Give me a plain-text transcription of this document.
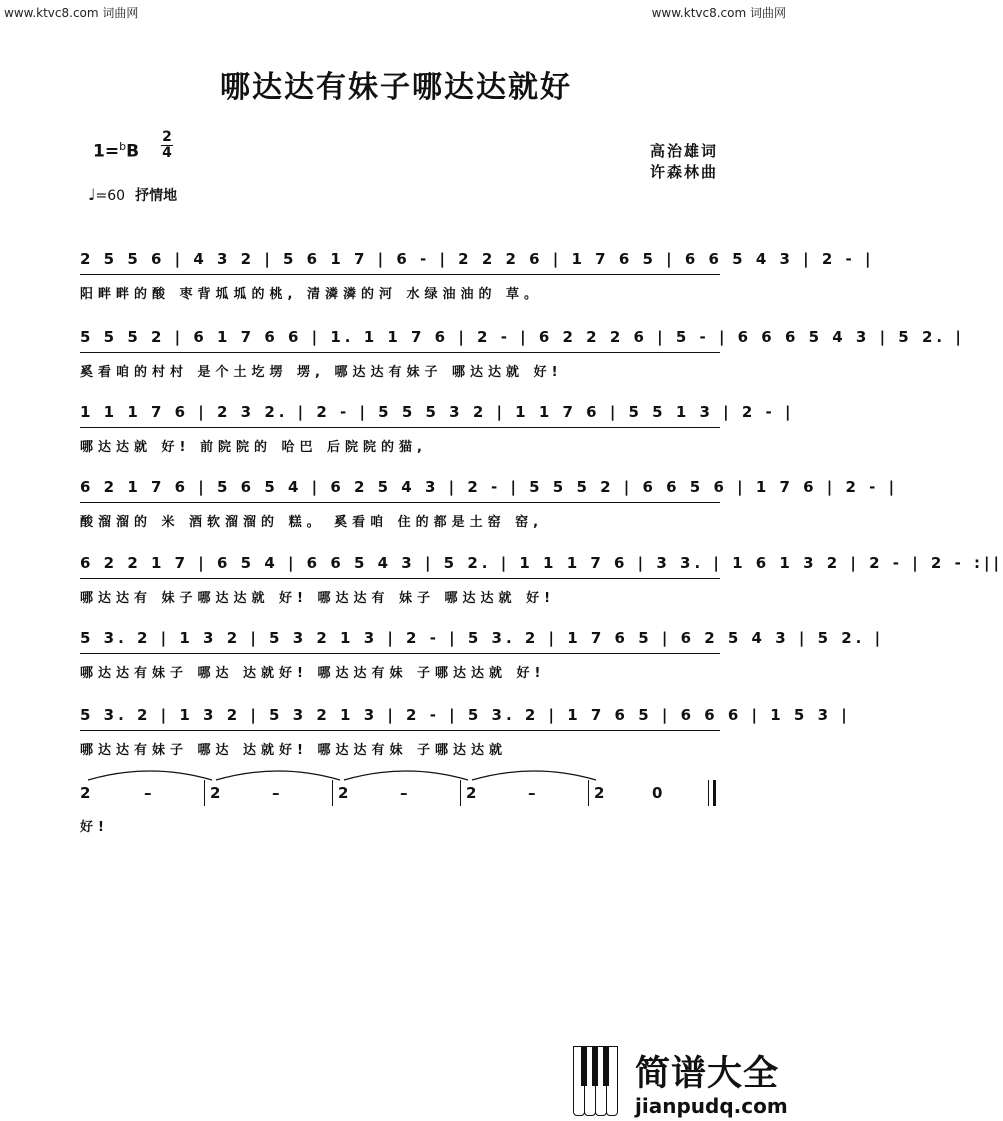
www.ktvc8.com 词曲网	www.ktvc8.com 词曲网
哪达达有妹子哪达达就好
1=$^b$B
2
4	高治雄词
许森林曲
♩=60 抒情地
2 5 5 6 | 4 3 2 | 5 6 1 7 | 6 - | 2 2 2 6 | 1 7 6 5 | 6 6 5 4 3 | 2 - |
阳畔畔的酸 枣背坬坬的桃, 清潾潾的河 水绿油油的 草。
5 5 5 2 | 6 1 7 6 6 | 1. 1 1 7 6 | 2 - | 6 2 2 2 6 | 5 - | 6 6 6 5 4 3 | 5 2. |
奚看咱的村村 是个土圪塄 塄, 哪达达有妹子 哪达达就 好!
1 1 1 7 6 | 2 3 2. | 2 - | 5 5 5 3 2 | 1 1 7 6 | 5 5 1 3 | 2 - |
哪达达就 好! 前院院的 哈巴 后院院的猫,
6 2 1 7 6 | 5 6 5 4 | 6 2 5 4 3 | 2 - | 5 5 5 2 | 6 6 5 6 | 1 7 6 | 2 - |
酸溜溜的 米 酒软溜溜的 糕。 奚看咱 住的都是土窑 窑,
6 2 2 1 7 | 6 5 4 | 6 6 5 4 3 | 5 2. | 1 1 1 7 6 | 3 3. | 1 6 1 3 2 | 2 - | 2 - :||
哪达达有 妹子哪达达就 好! 哪达达有 妹子 哪达达就 好!
5 3. 2 | 1 3 2 | 5 3 2 1 3 | 2 - | 5 3. 2 | 1 7 6 5 | 6 2 5 4 3 | 5 2. |
哪达达有妹子 哪达 达就好! 哪达达有妹 子哪达达就 好!
5 3. 2 | 1 3 2 | 5 3 2 1 3 | 2 - | 5 3. 2 | 1 7 6 5 | 6 6 6 | 1 5 3 |
哪达达有妹子 哪达 达就好! 哪达达有妹 子哪达达就
2	–	2	–	2	–	2	–	2	0
好!
简谱大全
jianpudq.com
